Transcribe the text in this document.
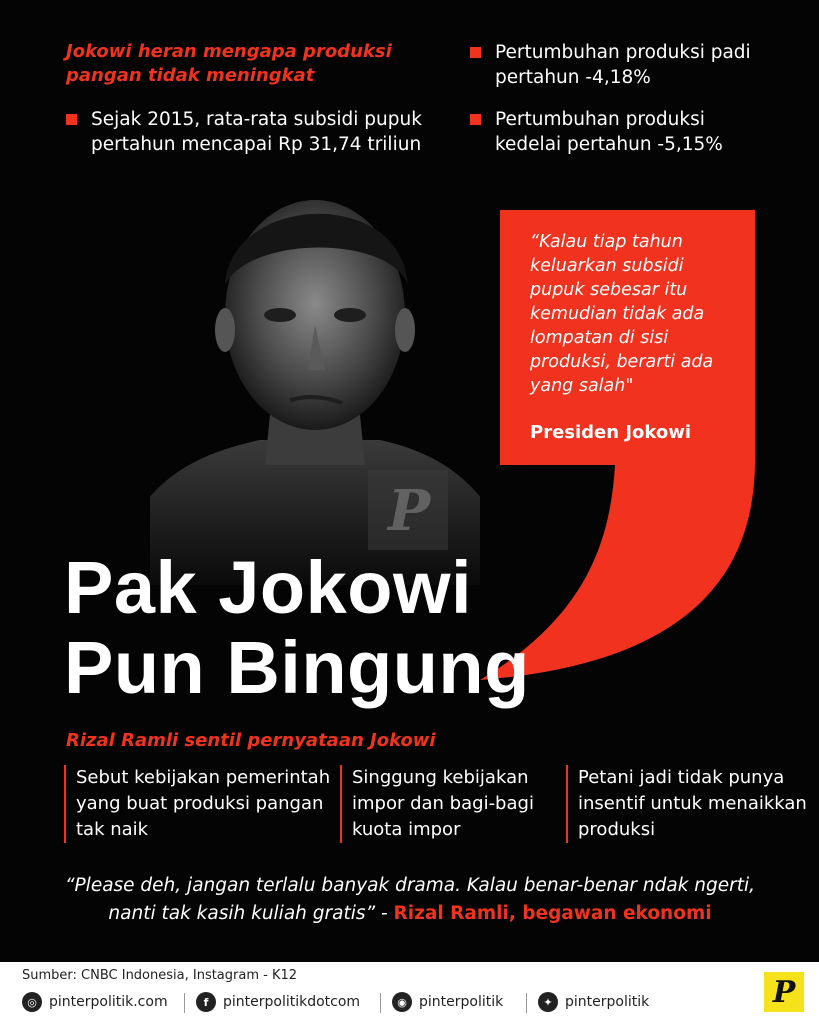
Jokowi heran mengapa produksi pangan tidak meningkat
Sejak 2015, rata-rata subsidi pupuk pertahun mencapai Rp 31,74 triliun
Pertumbuhan produksi padi pertahun -4,18%
Pertumbuhan produksi kedelai pertahun -5,15%
P
“Kalau tiap tahun keluarkan subsidi pupuk sebesar itu kemudian tidak ada lompatan di sisi produksi, berarti ada yang salah"
Presiden Jokowi
Pak Jokowi
Pun Bingung
Rizal Ramli sentil pernyataan Jokowi
Sebut kebijakan pemerintah yang buat produksi pangan tak naik
Singgung kebijakan impor dan bagi-bagi kuota impor
Petani jadi tidak punya insentif untuk menaikkan produksi
“Please deh, jangan terlalu banyak drama. Kalau benar-benar ndak ngerti, nanti tak kasih kuliah gratis” - Rizal Ramli, begawan ekonomi
Sumber: CNBC Indonesia, Instagram - K12
◎ pinterpolitik.com	f	pinterpolitikdotcom	◉ pinterpolitik	✦ pinterpolitik	P
